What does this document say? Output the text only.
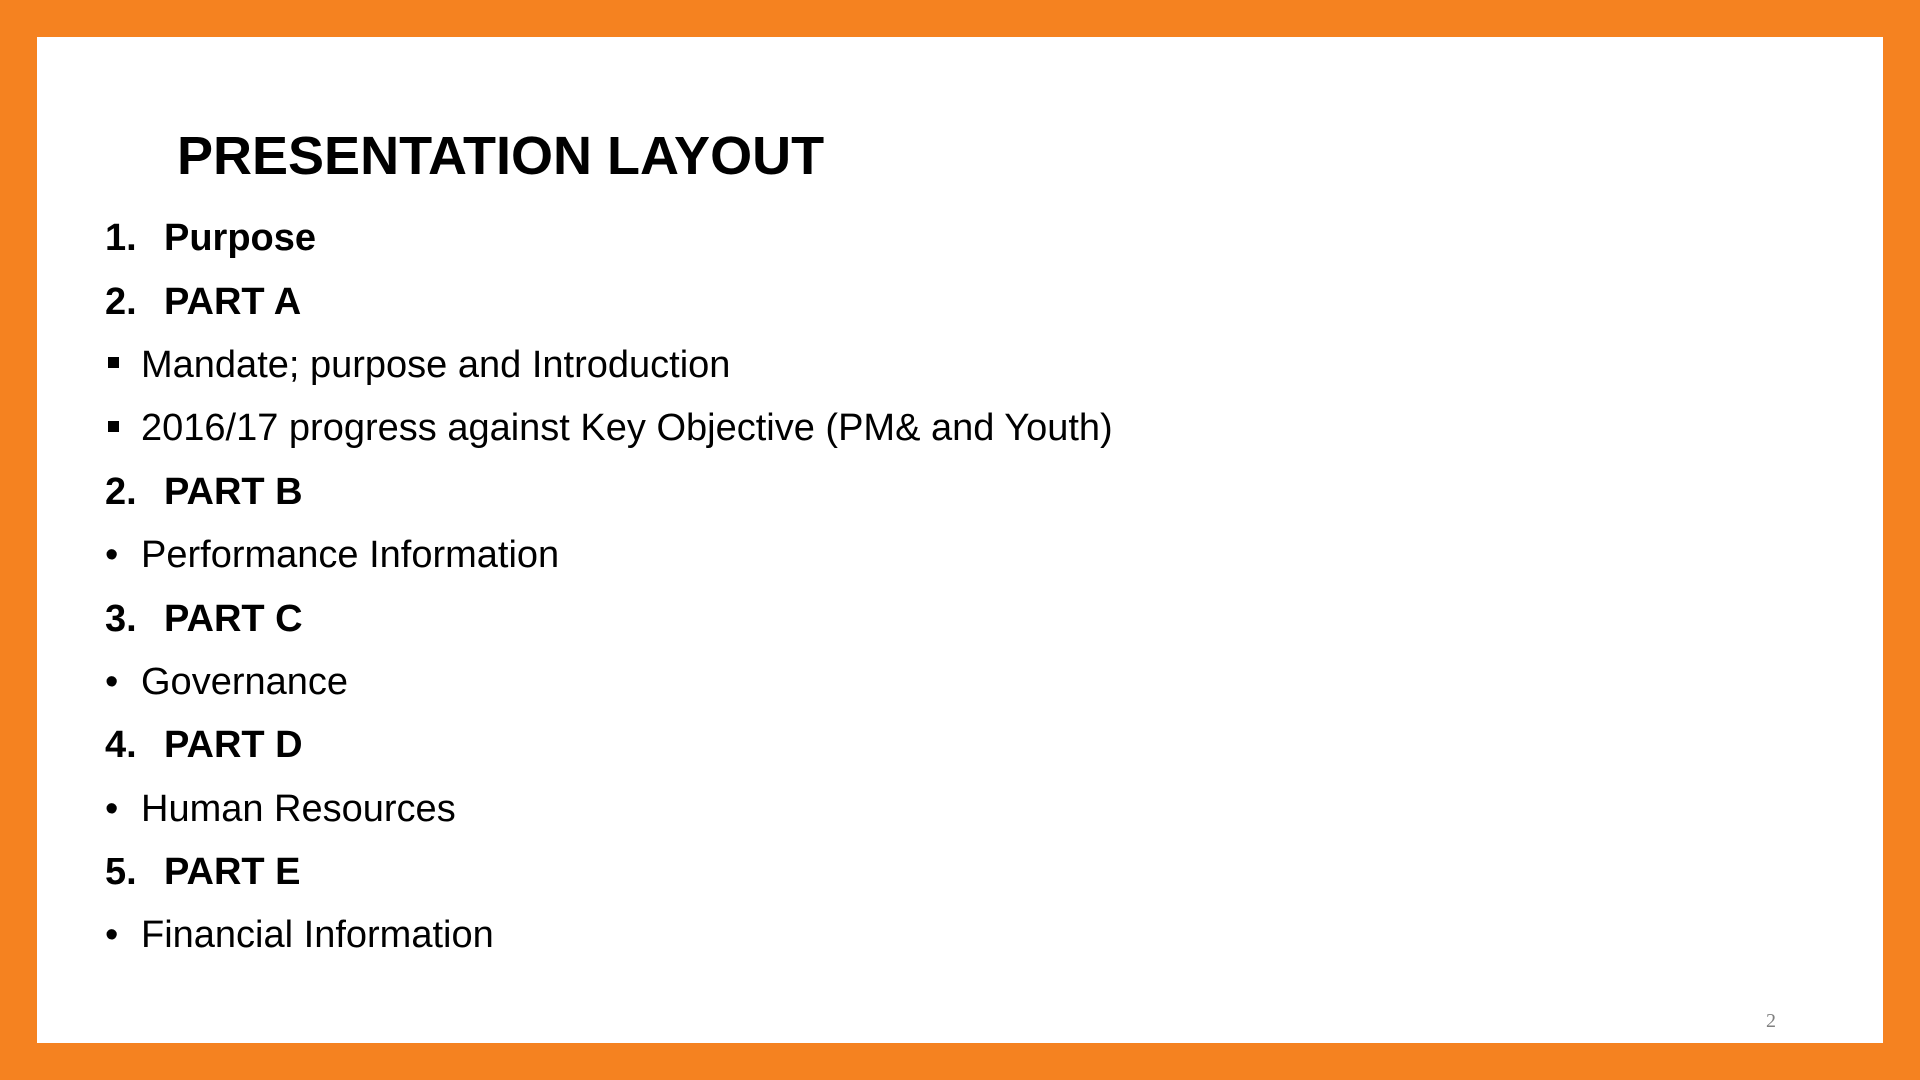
PRESENTATION LAYOUT
1. Purpose
2. PART A
Mandate; purpose and Introduction
2016/17 progress against Key Objective (PM& and Youth)
2. PART B
• Performance Information
3. PART C
• Governance
4. PART D
• Human Resources
5. PART E
• Financial Information
2
